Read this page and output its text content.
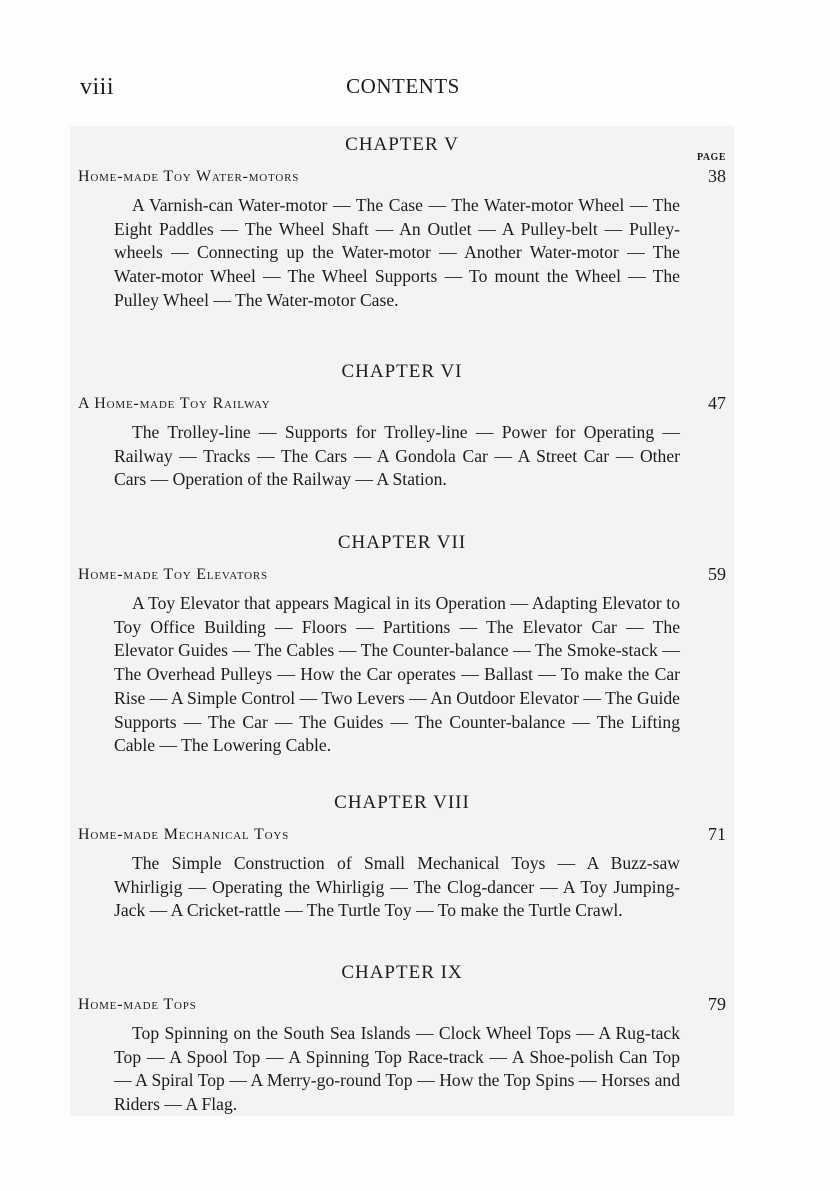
viii	CONTENTS
PAGE
CHAPTER V
Home-made Toy Water-motors	38
A Varnish-can Water-motor — The Case — The Water-motor Wheel — The Eight Paddles — The Wheel Shaft — An Outlet — A Pulley-belt — Pulley-wheels — Connecting up the Water-motor — Another Water-motor — The Water-motor Wheel — The Wheel Supports — To mount the Wheel — The Pulley Wheel — The Water-motor Case.
CHAPTER VI
A Home-made Toy Railway	47
The Trolley-line — Supports for Trolley-line — Power for Operating — Railway — Tracks — The Cars — A Gondola Car — A Street Car — Other Cars — Operation of the Railway — A Station.
CHAPTER VII
Home-made Toy Elevators	59
A Toy Elevator that appears Magical in its Operation — Adapting Elevator to Toy Office Building — Floors — Partitions — The Elevator Car — The Elevator Guides — The Cables — The Counter-balance — The Smoke-stack — The Overhead Pulleys — How the Car operates — Ballast — To make the Car Rise — A Simple Control — Two Levers — An Outdoor Elevator — The Guide Supports — The Car — The Guides — The Counter-balance — The Lifting Cable — The Lowering Cable.
CHAPTER VIII
Home-made Mechanical Toys	71
The Simple Construction of Small Mechanical Toys — A Buzz-saw Whirligig — Operating the Whirligig — The Clog-dancer — A Toy Jumping-Jack — A Cricket-rattle — The Turtle Toy — To make the Turtle Crawl.
CHAPTER IX
Home-made Tops	79
Top Spinning on the South Sea Islands — Clock Wheel Tops — A Rug-tack Top — A Spool Top — A Spinning Top Race-track — A Shoe-polish Can Top — A Spiral Top — A Merry-go-round Top — How the Top Spins — Horses and Riders — A Flag.
